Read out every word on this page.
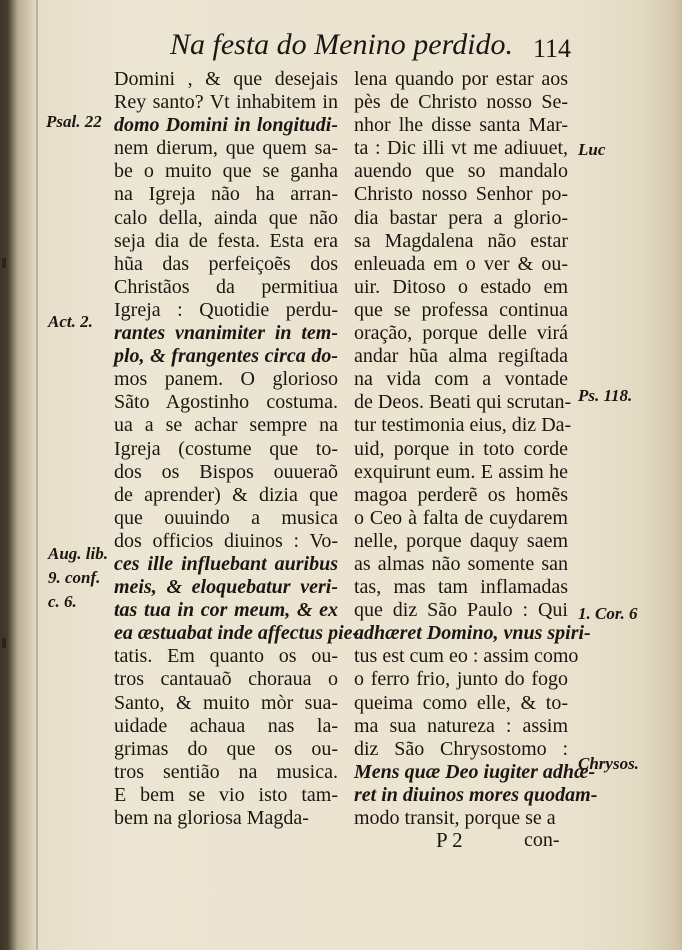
Na festa do Menino perdido. 114
Domini , & que desejais
Rey santo? Vt inhabitem in
domo Domini in longitudi-
nem dierum, que quem sa-
be o muito que se ganha
na Igreja não ha arran-
calo della, ainda que não
seja dia de festa. Esta era
hũa das perfeiçoẽs dos
Christãos da permitiua
Igreja : Quotidie perdu-
rantes vnanimiter in tem-
plo, & frangentes circa do-
mos panem. O glorioso
Sãto Agostinho costuma.
ua a se achar sempre na
Igreja (costume que to-
dos os Bispos ouueraõ
de aprender) & dizia que
que ouuindo a musica
dos officios diuinos : Vo-
ces ille influebant auribus
meis, & eloquebatur veri-
tas tua in cor meum, & ex
ea æstuabat inde affectus pie-
tatis. Em quanto os ou-
tros cantauaõ choraua o
Santo, & muito mòr sua-
uidade achaua nas la-
grimas do que os ou-
tros sentião na musica.
E bem se vio isto tam-
bem na gloriosa Magda-
lena quando por estar aos
pès de Christo nosso Se-
nhor lhe disse santa Mar-
ta : Dic illi vt me adiuuet,
auendo que so mandalo
Christo nosso Senhor po-
dia bastar pera a glorio-
sa Magdalena não estar
enleuada em o ver & ou-
uir. Ditoso o estado em
que se professa continua
oração, porque delle virá
andar hũa alma regiſtada
na vida com a vontade
de Deos. Beati qui scrutan-
tur testimonia eius, diz Da-
uid, porque in toto corde
exquirunt eum. E assim he
magoa perderẽ os homẽs
o Ceo à falta de cuydarem
nelle, porque daquy saem
as almas não somente san
tas, mas tam inflamadas
que diz São Paulo : Qui
adhæret Domino, vnus spiri-
tus est cum eo : assim como
o ferro frio, junto do fogo
queima como elle, & to-
ma sua natureza : assim
diz São Chrysostomo :
Mens quæ Deo iugiter adhæ-
ret in diuinos mores quodam-
modo transit, porque se a
Psal. 22
Act. 2.
Aug. lib.
9. conf.
c. 6.
Luc
Ps. 118.
1. Cor. 6
Chrysos.
P 2	con-
